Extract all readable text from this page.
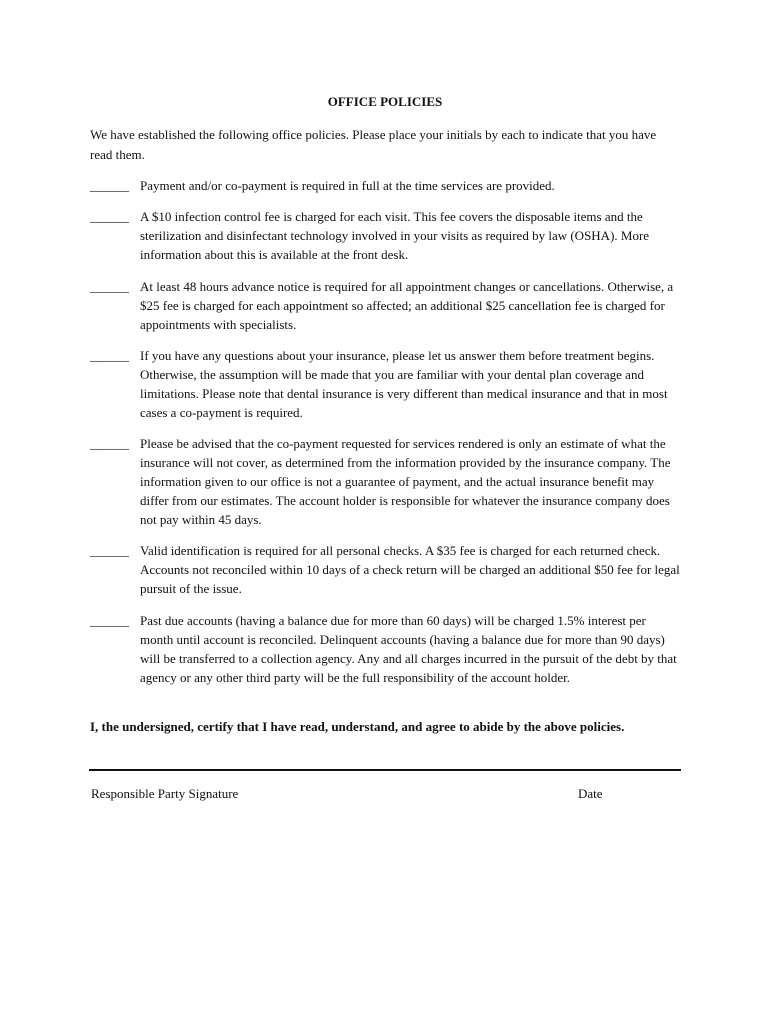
OFFICE POLICIES

We have established the following office policies. Please place your initials by each to indicate that you have read them.

______ Payment and/or co-payment is required in full at the time services are provided.
______ A $10 infection control fee is charged for each visit. This fee covers the disposable items and the sterilization and disinfectant technology involved in your visits as required by law (OSHA). More information about this is available at the front desk.
______ At least 48 hours advance notice is required for all appointment changes or cancellations. Otherwise, a $25 fee is charged for each appointment so affected; an additional $25 cancellation fee is charged for appointments with specialists.
______ If you have any questions about your insurance, please let us answer them before treatment begins. Otherwise, the assumption will be made that you are familiar with your dental plan coverage and limitations. Please note that dental insurance is very different than medical insurance and that in most cases a co-payment is required.
______ Please be advised that the co-payment requested for services rendered is only an estimate of what the insurance will not cover, as determined from the information provided by the insurance company. The information given to our office is not a guarantee of payment, and the actual insurance benefit may differ from our estimates. The account holder is responsible for whatever the insurance company does not pay within 45 days.
______ Valid identification is required for all personal checks. A $35 fee is charged for each returned check. Accounts not reconciled within 10 days of a check return will be charged an additional $50 fee for legal pursuit of the issue.
______ Past due accounts (having a balance due for more than 60 days) will be charged 1.5% interest per month until account is reconciled. Delinquent accounts (having a balance due for more than 90 days) will be transferred to a collection agency. Any and all charges incurred in the pursuit of the debt by that agency or any other third party will be the full responsibility of the account holder.
I, the undersigned, certify that I have read, understand, and agree to abide by the above policies.
Responsible Party Signature	Date
